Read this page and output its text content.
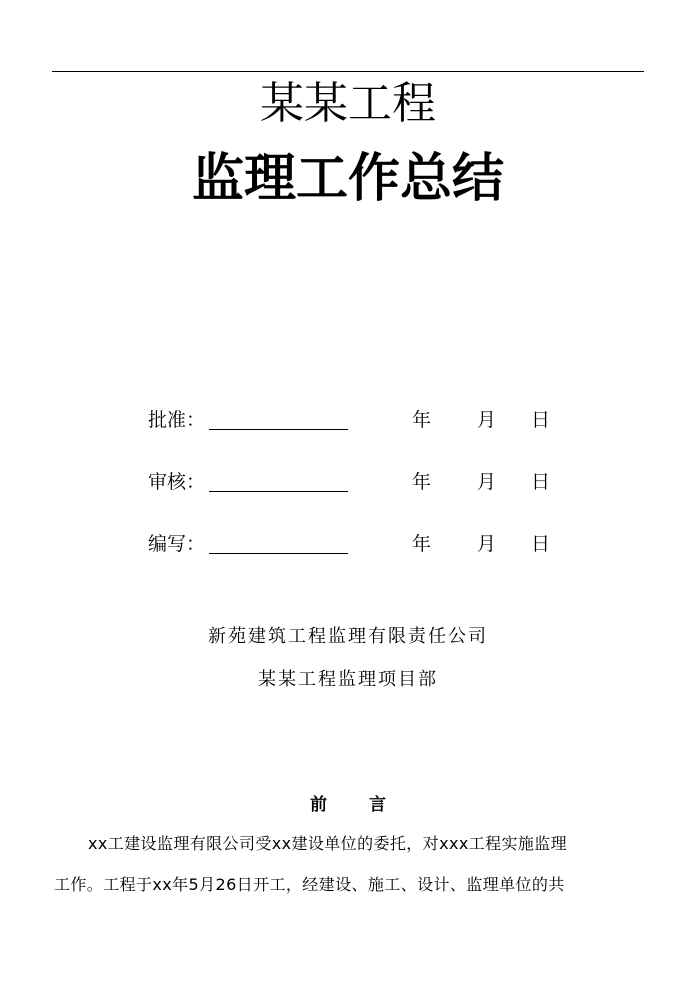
某某工程
监理工作总结
批准：	年 月 日
审核：	年 月 日
编写：	年 月 日
新苑建筑工程监理有限责任公司
某某工程监理项目部
前 言
xx工建设监理有限公司受xx建设单位的委托，对xxx工程实施监理
工作。工程于xx年5月26日开工，经建设、施工、设计、监理单位的共
